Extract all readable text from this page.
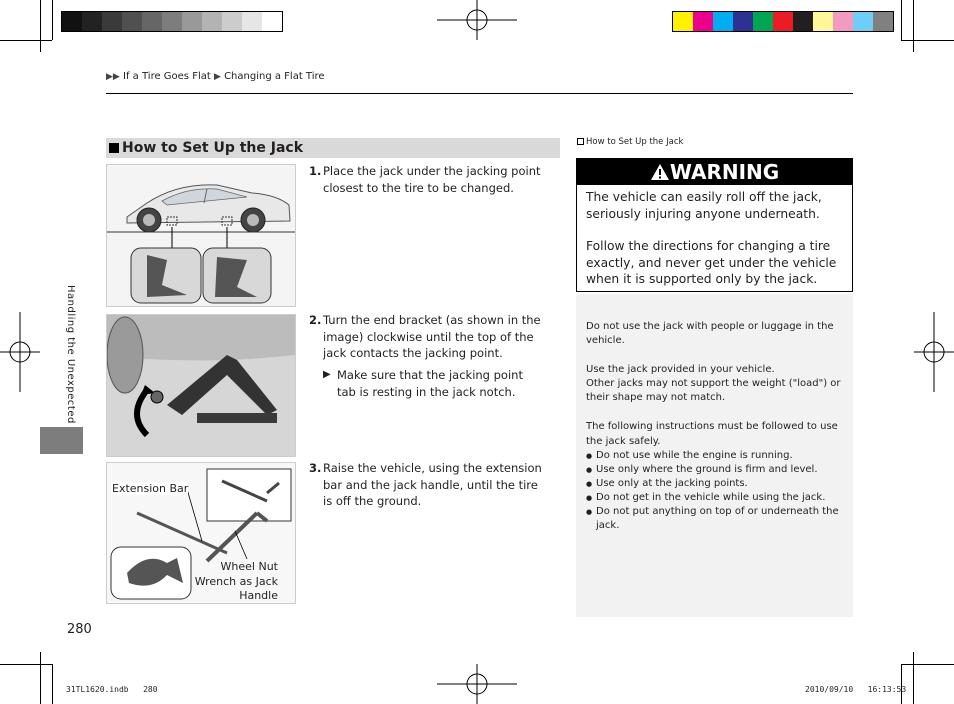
▶▶ If a Tire Goes Flat ▶ Changing a Flat Tire
Handling the Unexpected
280
How to Set Up the Jack
Extension Bar
Wheel Nut Wrench as Jack Handle
1. Place the jack under the jacking point closest to the tire to be changed.
2. Turn the end bracket (as shown in the image) clockwise until the top of the jack contacts the jacking point.
▶ Make sure that the jacking point tab is resting in the jack notch.
3. Raise the vehicle, using the extension bar and the jack handle, until the tire is off the ground.
How to Set Up the Jack
WARNING

The vehicle can easily roll off the jack, seriously injuring anyone underneath.

Follow the directions for changing a tire exactly, and never get under the vehicle when it is supported only by the jack.

Do not use the jack with people or luggage in the vehicle.

Use the jack provided in your vehicle.
Other jacks may not support the weight ("load") or their shape may not match.

The following instructions must be followed to use the jack safely.
● Do not use while the engine is running.
● Use only where the ground is firm and level.
● Use only at the jacking points.
● Do not get in the vehicle while using the jack.
● Do not put anything on top of or underneath the jack.
31TL1620.indb 280	2010/09/10 16:13:53
